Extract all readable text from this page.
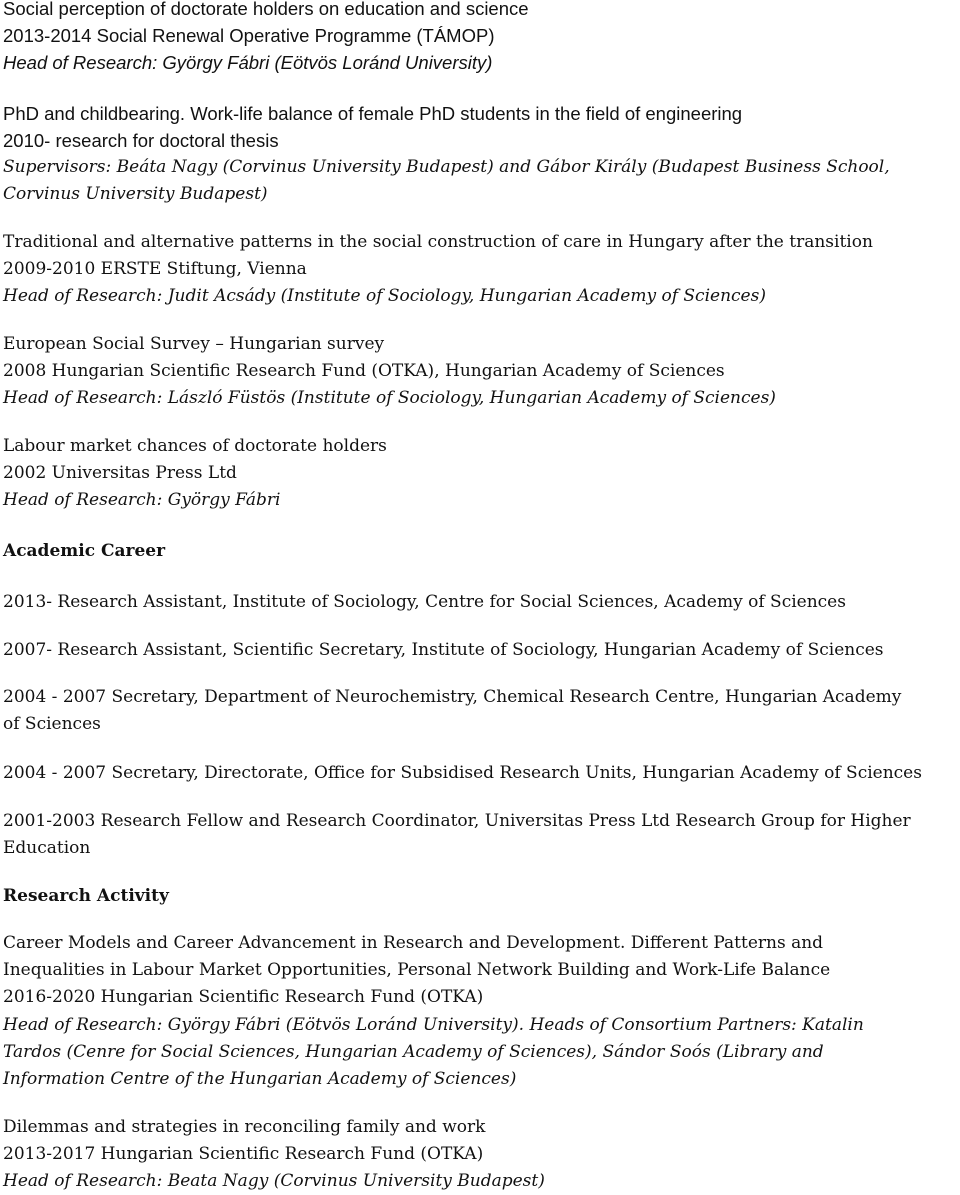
Social perception of doctorate holders on education and science
2013-2014 Social Renewal Operative Programme (TÁMOP)
Head of Research: György Fábri (Eötvös Loránd University)
PhD and childbearing. Work-life balance of female PhD students in the field of engineering
2010- research for doctoral thesis
Supervisors: Beáta Nagy (Corvinus University Budapest) and Gábor Király (Budapest Business School,
Corvinus University Budapest)
Traditional and alternative patterns in the social construction of care in Hungary after the transition
2009-2010 ERSTE Stiftung, Vienna
Head of Research: Judit Acsády (Institute of Sociology, Hungarian Academy of Sciences)
European Social Survey – Hungarian survey
2008 Hungarian Scientific Research Fund (OTKA), Hungarian Academy of Sciences
Head of Research: László Füstös (Institute of Sociology, Hungarian Academy of Sciences)
Labour market chances of doctorate holders
2002 Universitas Press Ltd
Head of Research: György Fábri
Academic Career
2013- Research Assistant, Institute of Sociology, Centre for Social Sciences, Academy of Sciences
2007- Research Assistant, Scientific Secretary, Institute of Sociology, Hungarian Academy of Sciences
2004 - 2007 Secretary, Department of Neurochemistry, Chemical Research Centre, Hungarian Academy
of Sciences
2004 - 2007 Secretary, Directorate, Office for Subsidised Research Units, Hungarian Academy of Sciences
2001-2003 Research Fellow and Research Coordinator, Universitas Press Ltd Research Group for Higher
Education
Research Activity
Career Models and Career Advancement in Research and Development. Different Patterns and
Inequalities in Labour Market Opportunities, Personal Network Building and Work-Life Balance
2016-2020 Hungarian Scientific Research Fund (OTKA)
Head of Research: György Fábri (Eötvös Loránd University). Heads of Consortium Partners: Katalin
Tardos (Cenre for Social Sciences, Hungarian Academy of Sciences), Sándor Soós (Library and
Information Centre of the Hungarian Academy of Sciences)
Dilemmas and strategies in reconciling family and work
2013-2017 Hungarian Scientific Research Fund (OTKA)
Head of Research: Beata Nagy (Corvinus University Budapest)
